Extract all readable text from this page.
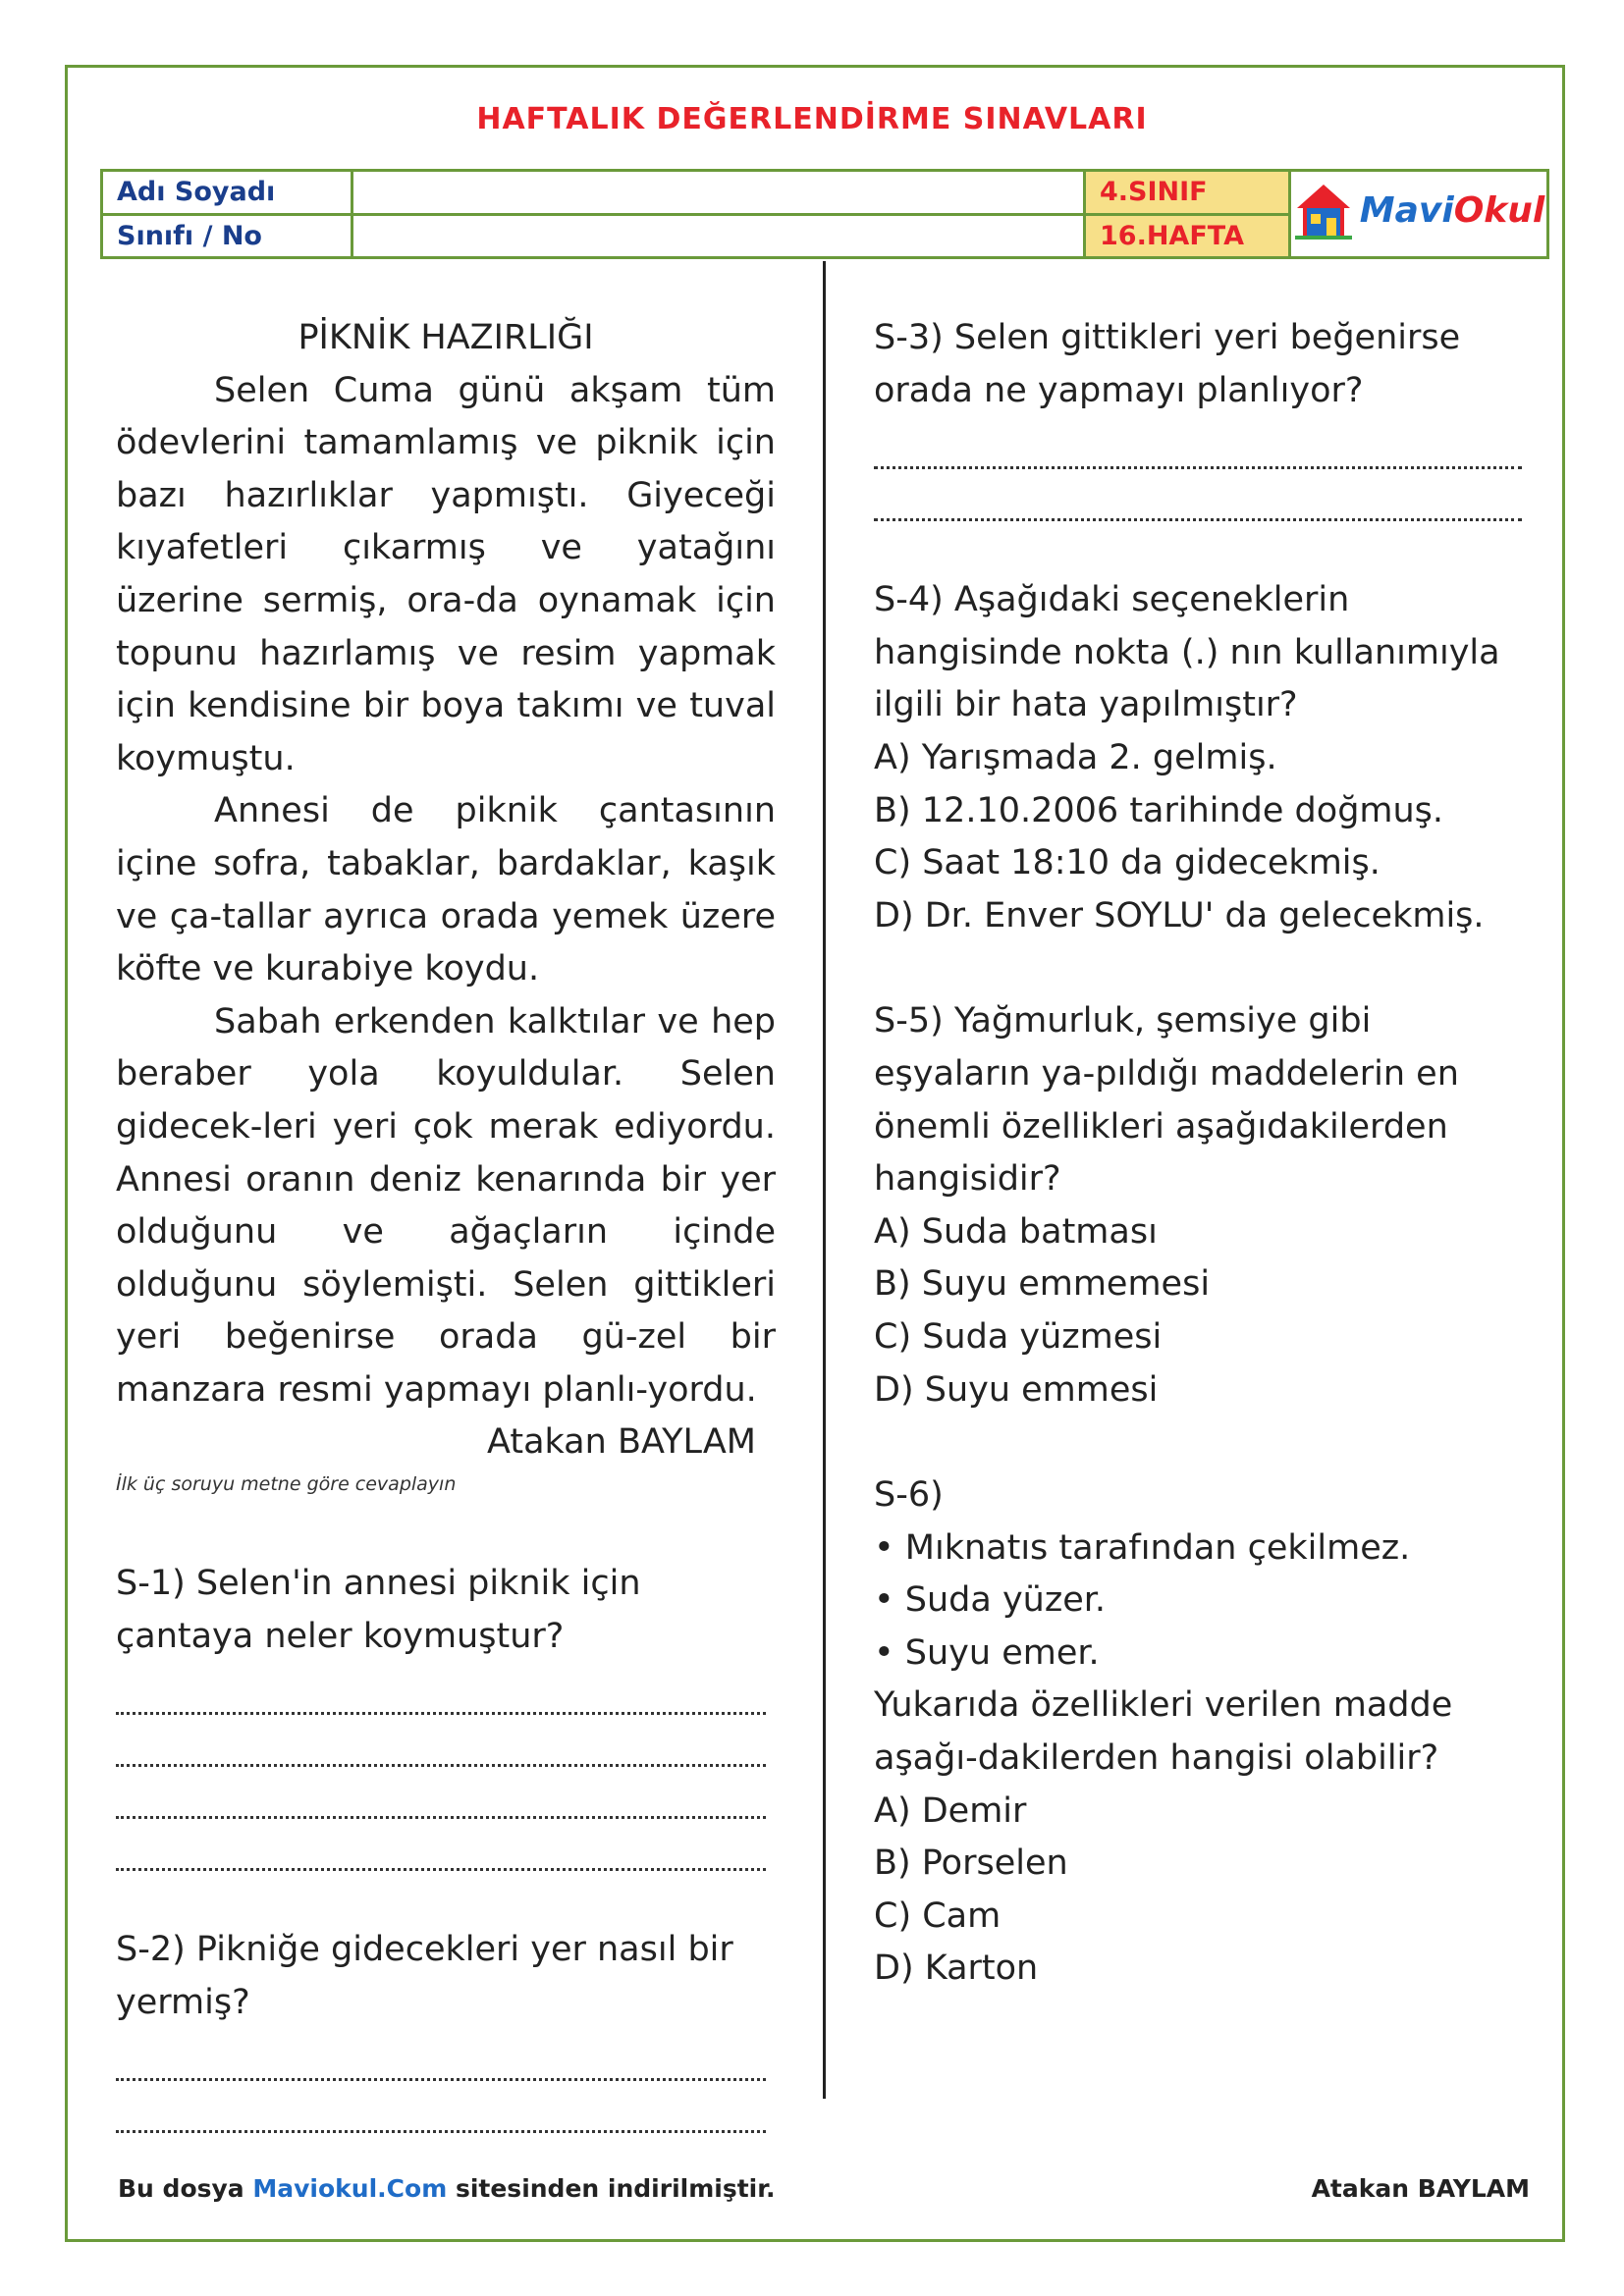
HAFTALIK DEĞERLENDİRME SINAVLARI
Adı Soyadı		4.SINIF	MaviOkul

Sınıfı / No		16.HAFTA	

PİKNİK HAZIRLIĞI

Selen Cuma günü akşam tüm ödevlerini tamamlamış ve piknik için bazı hazırlıklar yapmıştı. Giyeceği kıyafetleri çıkarmış ve yatağını üzerine sermiş, ora-da oynamak için topunu hazırlamış ve resim yapmak için kendisine bir boya takımı ve tuval koymuştu.

Annesi de piknik çantasının içine sofra, tabaklar, bardaklar, kaşık ve ça-tallar ayrıca orada yemek üzere köfte ve kurabiye koydu.

Sabah erkenden kalktılar ve hep beraber yola koyuldular. Selen gidecek-leri yeri çok merak ediyordu. Annesi oranın deniz kenarında bir yer olduğunu ve ağaçların içinde olduğunu söylemişti. Selen gittikleri yeri beğenirse orada gü-zel bir manzara resmi yapmayı planlı-yordu.

Atakan BAYLAM

İlk üç soruyu metne göre cevaplayın

S-1) Selen'in annesi piknik için çantaya neler koymuştur?

S-2) Pikniğe gidecekleri yer nasıl bir yermiş?

S-3) Selen gittikleri yeri beğenirse orada ne yapmayı planlıyor?

S-4) Aşağıdaki seçeneklerin hangisinde nokta (.) nın kullanımıyla ilgili bir hata yapılmıştır?

A) Yarışmada 2. gelmiş.

B) 12.10.2006 tarihinde doğmuş.

C) Saat 18:10 da gidecekmiş.

D) Dr. Enver SOYLU' da gelecekmiş.

S-5) Yağmurluk, şemsiye gibi eşyaların ya-pıldığı maddelerin en önemli özellikleri aşağıdakilerden hangisidir?

A) Suda batması

B) Suyu emmemesi

C) Suda yüzmesi

D) Suyu emmesi

S-6)

• Mıknatıs tarafından çekilmez.

• Suda yüzer.

• Suyu emer.

Yukarıda özellikleri verilen madde aşağı-dakilerden hangisi olabilir?

A) Demir

B) Porselen

C) Cam

D) Karton

Bu dosya Maviokul.Com sitesinden indirilmiştir.	Atakan BAYLAM
